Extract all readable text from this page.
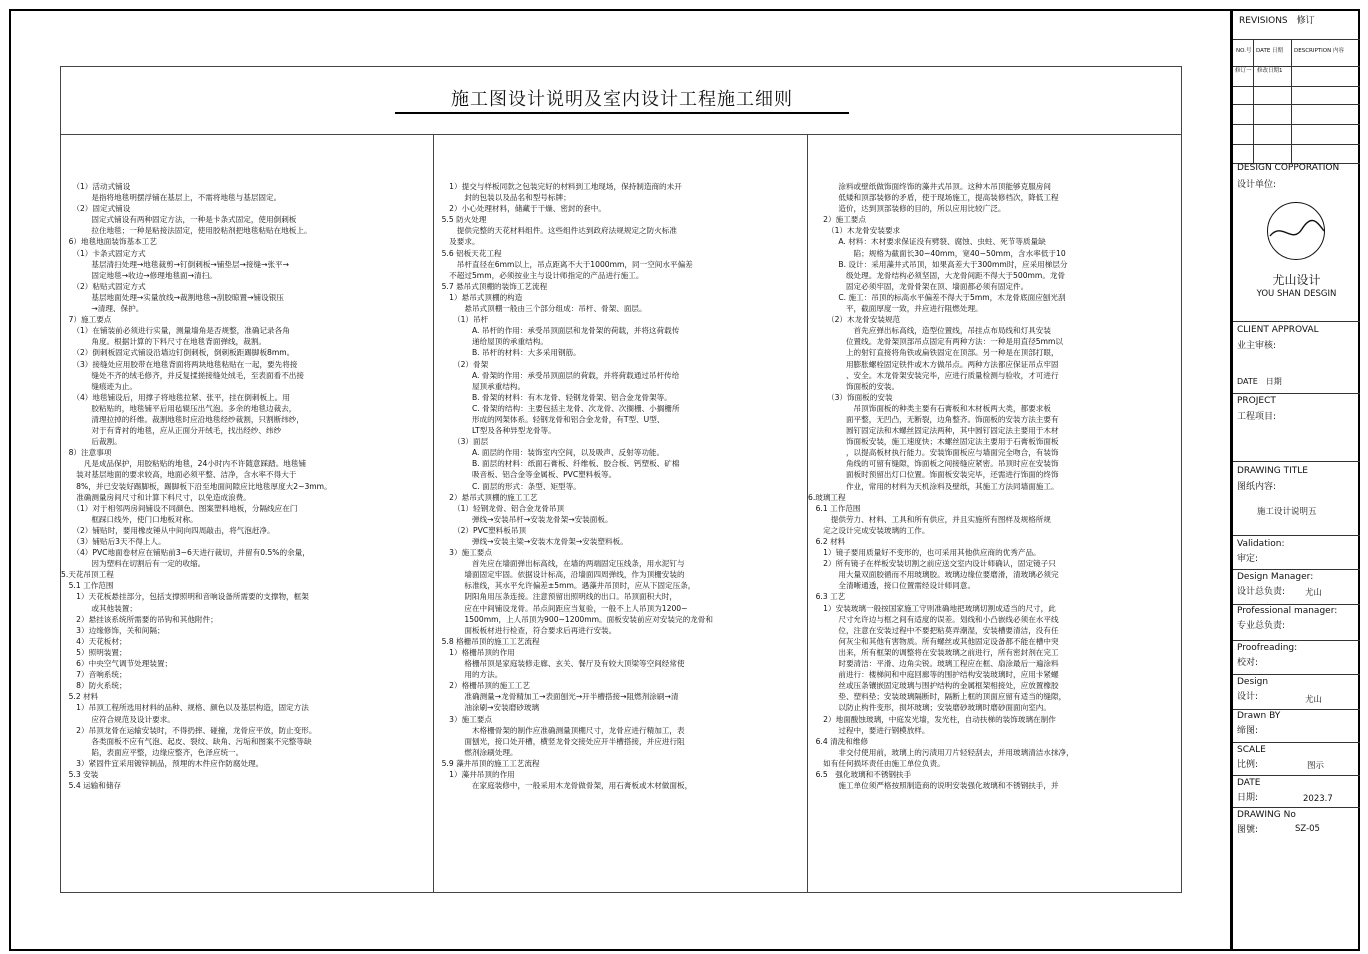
施工图设计说明及室内设计工程施工细则
　　（1）活动式铺设
　　　　是指将地毯明摆浮铺在基层上，不需将地毯与基层固定。
　　（2）固定式铺设
　　　　固定式铺设有两种固定方法，一种是卡条式固定，使用倒刺板
　　　　拉住地毯；一种是粘接法固定，使用胶粘剂把地毯粘贴在地板上。
　6）地毯地面装饰基本工艺
　　（1）卡条式固定方式
　　　　基层清扫处理→地毯裁剪→钉倒刺板→铺垫层→接缝→张平→
　　　　固定地毯→收边→修理地毯面→清扫。
　　（2）粘贴式固定方式
　　　　基层地面处理→实量放线→裁割地毯→刮胶晾置→铺设银压
　　　　→清理、保护。
　7）施工要点
　　（1）在铺装前必须进行实量，测量墙角是否规整，准确记录各角
　　　　角度。根据计算的下料尺寸在地毯背面弹线，裁割。
　　（2）倒刺板固定式铺设沿墙边钉倒刺板，倒刺板距踢脚板8mm。
　　（3）接缝处应用胶带在地毯背面将两块地毯粘贴在一起，要先将接
　　　　缝处不齐的绒毛修齐，并反复揉搓接缝处绒毛，至表面看不出接
　　　　缝痕迹为止。
　　（4）地毯铺设后，用撑子将地毯拉紧、张平，挂在倒刺板上。用
　　　　胶粘贴的，地毯铺平后用毡辊压出气泡。多余的地毯边裁去，
　　　　清理拉掉的纤维。裁割地毯时应沿地毯经纱裁割，只割断纬纱，
　　　　对于有背衬的地毯，应从正面分开绒毛，找出经纱、纬纱
　　　　后裁割。
　8）注意事项
　　　凡是成品保护，用胶粘贴的地毯，24小时内不许随意踩踏。地毯铺
　　装对基层地面的要求较高，地面必须平整、洁净，含水率不得大于
　　8%，并已安装好踢脚板，踢脚板下沿至地面间隙应比地毯厚度大2~3mm。
　　准确测量房间尺寸和计算下料尺寸，以免造成浪费。
　　（1）对于相邻两房间铺设不同颜色、图案塑料地板，分隔线应在门
　　　　框踩口线外，使门口地板对称。
　　（2）铺贴时，要用橡皮锤从中间向四周敲击，将气泡赶净。
　　（3）铺贴后3天不得上人。
　　（4）PVC地面卷材应在铺贴前3~6天进行裁切，并留有0.5%的余量，
　　　　因为塑料在切割后有一定的收缩。
5.天花吊顶工程
　5.1 工作范围
　　1）天花板悬挂部分，包括支撑照明和音响设备所需要的支撑物，框架
　　　　或其他装置；
　　2）悬挂该系统所需要的吊钩和其他附件；
　　3）边缘修饰，关和间隔；
　　4）天花板材；
　　5）照明装置；
　　6）中央空气调节处理装置；
　　7）音响系统；
　　8）防火系统；
　5.2 材料
　　1）吊顶工程所选用材料的品种、规格、颜色以及基层构造，固定方法
　　　　应符合规范及设计要求。
　　2）吊顶龙骨在运输安装时，不得扔摔、碰撞，龙骨应平放，防止变形。
　　　　各类面板不应有气泡、起皮、裂纹、缺角、污垢和图案不完整等缺
　　　　陷，表面应平整，边缘应整齐，色泽应统一。
　　3）紧固件宜采用镀锌制品，预埋的木件应作防腐处理。
　5.3 安装
　5.4 运输和储存
　　1）提交与样板同款之包装完好的材料到工地现场，保持制造商的未开
　　　　封的包装以及品名和型号标牌；
　　2）小心处理材料，储藏于干燥、密封的套中。
　5.5 防火处理
　　　提供完整的天花材料组件。这些组件达到政府法规规定之防火标准
　　及要求。
　5.6 铝板天花工程
　　　吊杆直径在6mm以上，吊点距离不大于1000mm，同一空间水平偏差
　　不超过5mm，必须按业主与设计师指定的产品进行施工。
　5.7 悬吊式顶棚的装饰工艺流程
　　1）悬吊式顶棚的构造
　　　　悬吊式顶棚一般由三个部分组成：吊杆、骨架、面层。
　　　（1）吊杆
　　　　　A. 吊杆的作用：承受吊顶面层和龙骨架的荷载，并将这荷载传
　　　　　递给屋顶的承重结构。
　　　　　B. 吊杆的材料：大多采用钢筋。
　　　（2）骨架
　　　　　A. 骨架的作用：承受吊顶面层的荷载，并将荷载通过吊杆传给
　　　　　屋顶承重结构。
　　　　　B. 骨架的材料：有木龙骨、轻钢龙骨架、铝合金龙骨架等。
　　　　　C. 骨架的结构：主要包括主龙骨、次龙骨、次搁栅、小搁栅所
　　　　　形成的网架体系。轻钢龙骨和铝合金龙骨，有T型、U型、
　　　　　LT型及各种异型龙骨等。
　　　（3）面层
　　　　　A. 面层的作用：装饰室内空间，以及吸声、反射等功能。
　　　　　B. 面层的材料：纸面石膏板、纤维板、胶合板、钙塑板、矿棉
　　　　　吸音板、铝合金等金属板、PVC塑料板等。
　　　　　C. 面层的形式：条型、矩型等。
　　2）悬吊式顶棚的施工工艺
　　　（1）轻钢龙骨、铝合金龙骨吊顶
　　　　　弹线→安装吊杆→安装龙骨架→安装面板。
　　　（2）PVC塑料板吊顶
　　　　　弹线→安装主梁→安装木龙骨架→安装塑料板。
　　3）施工要点
　　　　　首先应在墙面弹出标高线，在墙的两端固定压线条，用水泥钉与
　　　　墙面固定牢固。依据设计标高，沿墙面四周弹线，作为顶栅安装的
　　　　标准线，其水平允许偏差±5mm。遇藻井吊顶时，应从下固定压条，
　　　　阴阳角用压条连接。注意预留出照明线的出口。吊顶面积大时，
　　　　应在中间铺设龙骨。吊点间距应当复验，一般不上人吊顶为1200~
　　　　1500mm，上人吊顶为900~1200mm。面板安装前应对安装完的龙骨和
　　　　面板板材进行检查，符合要求后再进行安装。
　5.8 格栅吊顶的施工工艺流程
　　1）格栅吊顶的作用
　　　　格栅吊顶是家庭装修走廊、玄关、餐厅及有较大顶梁等空间经常使
　　　　用的方法。
　　2）格栅吊顶的施工工艺
　　　　准确测量→龙骨精加工→表面刨光→开半槽搭接→阻燃剂涂刷→清
　　　　油涂刷→安装磨砂玻璃
　　3）施工要点
　　　　　木格栅骨架的制作应准确测量顶棚尺寸，龙骨应进行精加工，表
　　　　面刨光，接口处开槽，横竖龙骨交接处应开半槽搭接，并应进行阻
　　　　燃剂涂刷处理。
　5.9 藻井吊顶的施工工艺流程
　　1）藻井吊顶的作用
　　　　　在家庭装修中，一般采用木龙骨做骨架，用石膏板或木材做面板，
　　　　涂料或壁纸做饰面终饰的藻井式吊顶。这种木吊顶能够克服房间
　　　　低矮和顶部装修的矛盾，使于现场施工，提高装修档次，降低工程
　　　　造价，达到顶部装修的目的，所以应用比较广泛。
　　2）施工要点
　　　（1）木龙骨安装要求
　　　　A. 材料：木材要求保证没有劈裂、腐蚀、虫蛀、死节等质量缺
　　　　　　陷；规格为截面长30~40mm，宽40~50mm，含水率低于10
　　　　B. 设计：采用藻井式吊顶，如果高差大于300mm时，应采用梯层分
　　　　　级处理。龙骨结构必须坚固，大龙骨间距不得大于500mm。龙骨
　　　　　固定必须牢固，龙骨骨架在顶、墙面都必须有固定件。
　　　　C. 施工：吊顶的标高水平偏差不得大于5mm，木龙骨底面应刨光刮
　　　　　平，截面厚度一致，并应进行阻燃处理。
　　　（2）木龙骨安装规范
　　　　　　首先应弹出标高线，造型位置线，吊挂点布局线和灯具安装
　　　　　位置线。龙骨架顶部吊点固定有两种方法：一种是用直径5mm以
　　　　　上的射钉直接将角铁或扁铁固定在顶部。另一种是在顶部打眼，
　　　　　用膨胀螺栓固定铁件或木方做吊点。两种方法都应保证吊点牢固
　　　　　、安全。木龙骨架安装完毕，应进行质量检测与验收，才可进行
　　　　　饰面板的安装。
　　　（3）饰面板的安装
　　　　　　吊顶饰面板的种类主要有石膏板和木材板两大类，都要求板
　　　　　面平整，无凹凸，无断裂，边角整齐。饰面板的安装方法主要有
　　　　　圆钉固定法和木螺丝固定法两种，其中圆钉固定法主要用于木材
　　　　　饰面板安装，施工速度快；木螺丝固定法主要用于石膏板饰面板
　　　　　，以提高板材执行能力。安装饰面板应与墙面完全吻合，有装饰
　　　　　角线的可留有缝隙，饰面板之间接缝应紧密。吊顶时应在安装饰
　　　　　面板时预留出灯口位置。饰面板安装完毕，还需进行饰面的终饰
　　　　　作业，常用的材料为天机涂料及壁纸，其施工方法同墙面施工。
6.玻璃工程
　6.1 工作范围
　　　提供劳力、材料、工具和所有供应，并且实施所有图样及规格所规
　　定之设计完成安装玻璃的工作。
　6.2 材料
　　1）镜子要用质量好不变形的，也可采用其他供应商的优秀产品。
　　2）所有镜子在样板安装切割之前应送交室内设计师确认，固定镜子只
　　　　用大量双面胶循而不用玻璃胶。玻璃边缘位要磨滑，清玻璃必须完
　　　　全清晰通透，接口位置需经设计师同意。
　6.3 工艺
　　1）安装玻璃一般按国家施工守则准确地把玻璃切割成适当的尺寸，此
　　　　尺寸允许边与框之间有适度的误差。划线和小凸嵌线必须在水平线
　　　　位，注意在安装过程中不要把粘莫弄潮湿，安装槽要清洁，没有任
　　　　何灰尘和其他有害物质。所有螺丝或其他固定设备都不能在槽中突
　　　　出来，所有框架的调整将在安装玻璃之前进行，所有密封剂在完工
　　　　时要清洁：平滑、边角尖锐。玻璃工程应在框、扇涂最后一遍涂料
　　　　前进行：楼梯间和中庭回廊等的围护结构安装玻璃时，应用卡紧螺
　　　　丝或压条镶嵌固定玻璃与围护结构的金属框架相接处，应放置橡胶
　　　　垫、塑料垫；安装玻璃隔断时，隔断上框的顶面应留有适当的缝隙，
　　　　以防止构件变形，损坏玻璃；安装磨砂玻璃时磨砂面面向室内。
　　2）地面酸蚀玻璃，中庭发光墙，发光柱，自动扶梯的装饰玻璃在制作
　　　　过程中，要进行钢模放样。
　6.4 清洗和维修
　　　　非交付使用前，玻璃上的污渍用刀片轻轻刮去，并用玻璃清洁水抹净，
　　如有任何损坏责任由施工单位负责。
　6.5　强化玻璃和不锈钢扶手
　　　　施工单位须严格按照制造商的说明安装强化玻璃和不锈钢扶手，并
REVISIONS　修订
NO.号 DATE 日期 DESCRIPTION 内容
修订一 修改日期1
DESIGN COPPORATION
设计单位:
尤山设计
YOU SHAN DESGIN
CLIENT APPROVAL
业主审核:
DATE　日期
PROJECT
工程项目:
DRAWING TITLE
图纸内容:
施工设计说明五
Validation:
审定:
Design Manager:
设计总负责: 尤山
Professional manager:
专业总负责:
Proofreading:
校对:
Design
设计:	尤山
Drawn BY
缔图:
SCALE
比例:	图示
DATE
日期:	2023.7
DRAWING No
图號:	SZ-05
